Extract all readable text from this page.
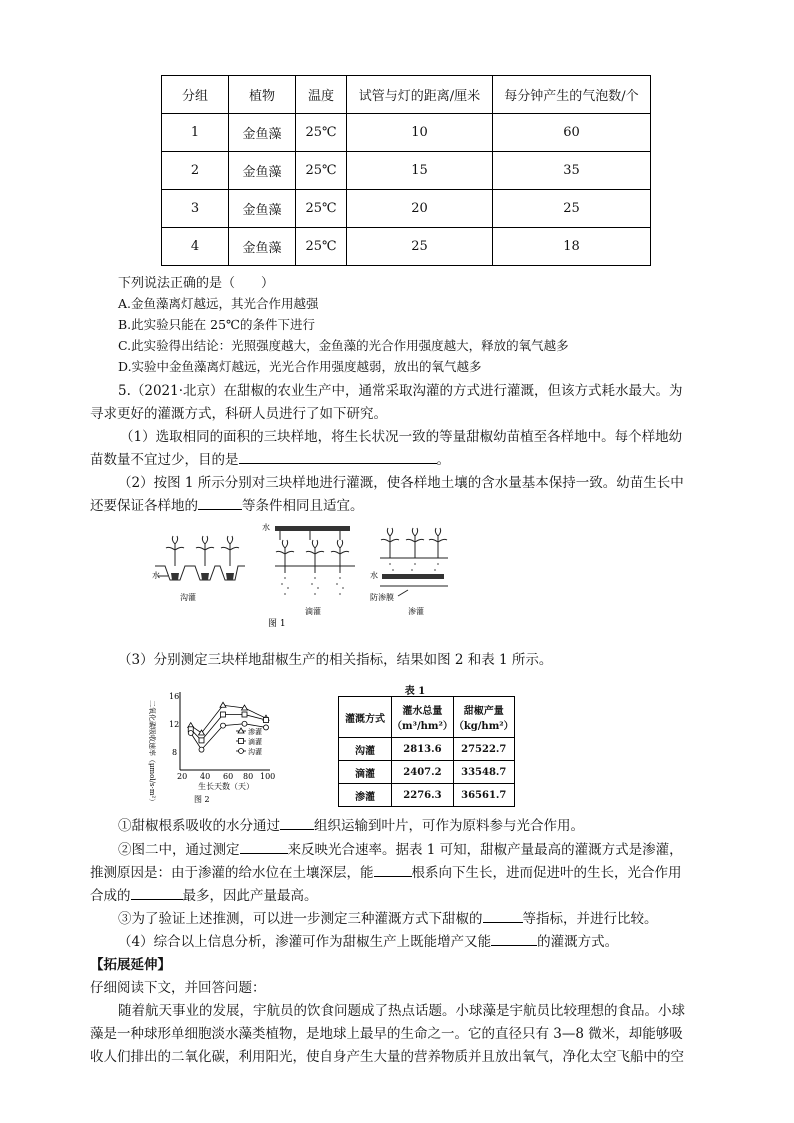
分组	植物	温度	试管与灯的距离/厘米	每分钟产生的气泡数/个
1	金鱼藻	25℃	10	60
2	金鱼藻	25℃	15	35
3	金鱼藻	25℃	20	25
4	金鱼藻	25℃	25	18
下列说法正确的是（　　）
A.金鱼藻离灯越远，其光合作用越强
B.此实验只能在 25℃的条件下进行
C.此实验得出结论：光照强度越大，金鱼藻的光合作用强度越大，释放的氧气越多
D.实验中金鱼藻离灯越远，光光合作用强度越弱，放出的氧气越多
5.（2021·北京）在甜椒的农业生产中，通常采取沟灌的方式进行灌溉，但该方式耗水最大。为
寻求更好的灌溉方式，科研人员进行了如下研究。
（1）选取相同的面积的三块样地，将生长状况一致的等量甜椒幼苗植至各样地中。每个样地幼
苗数量不宜过少，目的是	。
（2）按图 1 所示分别对三块样地进行灌溉，使各样地土壤的含水量基本保持一致。幼苗生长中
还要保证各样地的	等条件相同且适宜。
水
水
水
沟灌
滴灌	渗灌
防渗膜
图 1
（3）分别测定三块样地甜椒生产的相关指标，结果如图 2 和表 1 所示。
二氧化碳吸收速率（μmol/s·m²）
16
12
8
20 40 60 80 100
生长天数（天）
图 2
渗灌
滴灌
沟灌
表 1
灌溉方式	灌水总量（m³/hm²）	甜椒产量（kg/hm²）
沟灌	2813.6	27522.7
滴灌	2407.2	33548.7
渗灌	2276.3	36561.7
①甜椒根系吸收的水分通过	组织运输到叶片，可作为原料参与光合作用。
②图二中，通过测定	来反映光合速率。据表 1 可知，甜椒产量最高的灌溉方式是渗灌，
推测原因是：由于渗灌的给水位在土壤深层，能	根系向下生长，进而促进叶的生长，光合作用
合成的	最多，因此产量最高。
③为了验证上述推测，可以进一步测定三种灌溉方式下甜椒的	等指标，并进行比较。
（4）综合以上信息分析，渗灌可作为甜椒生产上既能增产又能	的灌溉方式。
【拓展延伸】
仔细阅读下文，并回答问题：
随着航天事业的发展，宇航员的饮食问题成了热点话题。小球藻是宇航员比较理想的食品。小球
藻是一种球形单细胞淡水藻类植物，是地球上最早的生命之一。它的直径只有 3—8 微米，却能够吸
收人们排出的二氧化碳，利用阳光，使自身产生大量的营养物质并且放出氧气，净化太空飞船中的空
